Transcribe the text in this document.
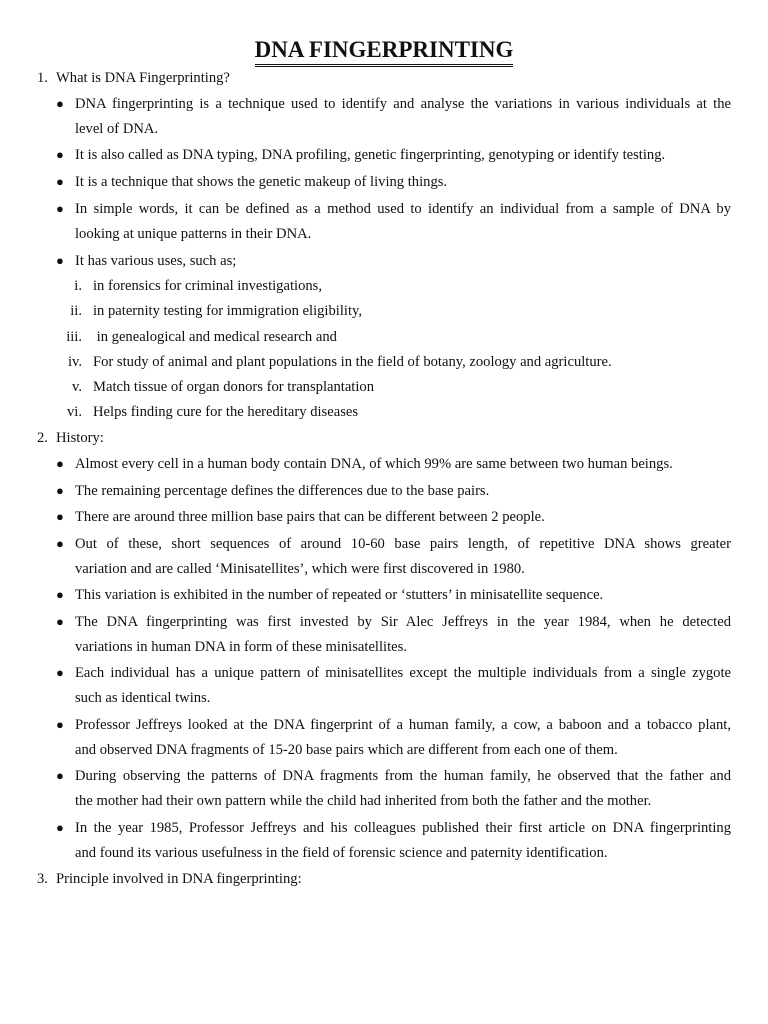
DNA FINGERPRINTING
1. What is DNA Fingerprinting?
● DNA fingerprinting is a technique used to identify and analyse the variations in various individuals at the
level of DNA.
● It is also called as DNA typing, DNA profiling, genetic fingerprinting, genotyping or identify testing.
● It is a technique that shows the genetic makeup of living things.
● In simple words, it can be defined as a method used to identify an individual from a sample of DNA by
looking at unique patterns in their DNA.
● It has various uses, such as;
i. in forensics for criminal investigations,
ii. in paternity testing for immigration eligibility,
iii. in genealogical and medical research and
iv. For study of animal and plant populations in the field of botany, zoology and agriculture.
v. Match tissue of organ donors for transplantation
vi. Helps finding cure for the hereditary diseases
2. History:
● Almost every cell in a human body contain DNA, of which 99% are same between two human beings.
● The remaining percentage defines the differences due to the base pairs.
● There are around three million base pairs that can be different between 2 people.
● Out of these, short sequences of around 10-60 base pairs length, of repetitive DNA shows greater
variation and are called ‘Minisatellites’, which were first discovered in 1980.
● This variation is exhibited in the number of repeated or ‘stutters’ in minisatellite sequence.
● The DNA fingerprinting was first invested by Sir Alec Jeffreys in the year 1984, when he detected
variations in human DNA in form of these minisatellites.
● Each individual has a unique pattern of minisatellites except the multiple individuals from a single zygote
such as identical twins.
● Professor Jeffreys looked at the DNA fingerprint of a human family, a cow, a baboon and a tobacco plant,
and observed DNA fragments of 15-20 base pairs which are different from each one of them.
● During observing the patterns of DNA fragments from the human family, he observed that the father and
the mother had their own pattern while the child had inherited from both the father and the mother.
● In the year 1985, Professor Jeffreys and his colleagues published their first article on DNA fingerprinting
and found its various usefulness in the field of forensic science and paternity identification.
3. Principle involved in DNA fingerprinting:
